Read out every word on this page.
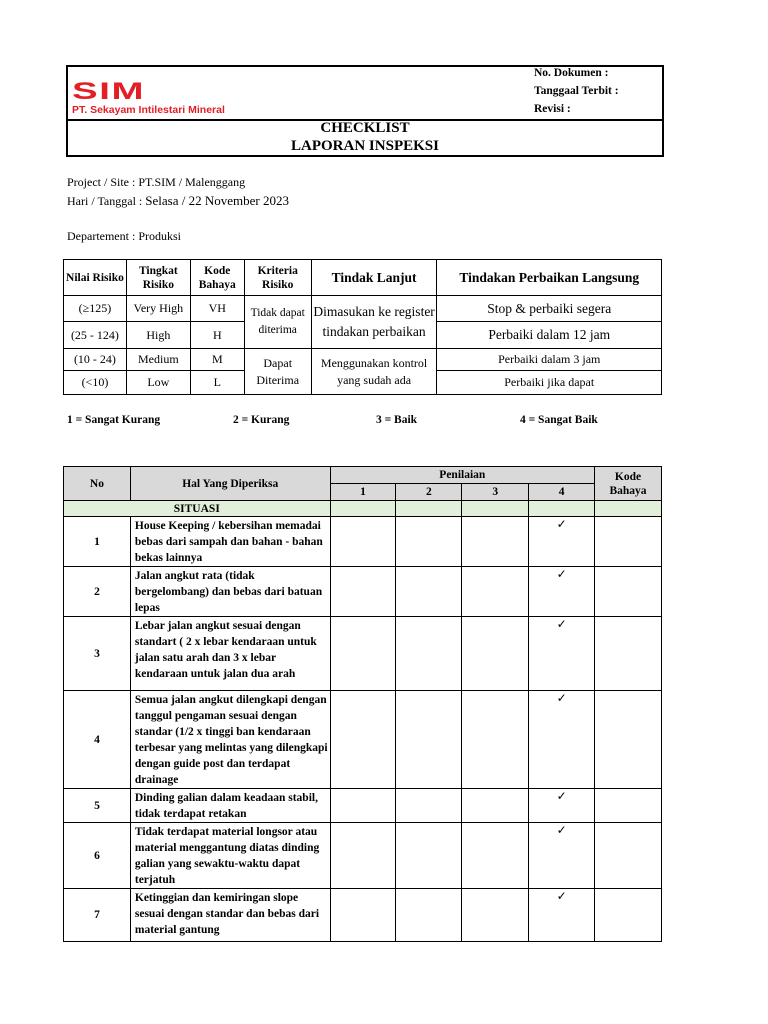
SIM
PT. Sekayam Intilestari Mineral
No. Dokumen :
Tanggaal Terbit :
Revisi :
CHECKLIST
LAPORAN INSPEKSI
Project / Site : PT.SIM / Malenggang
Hari / Tanggal : Selasa / 22 November 2023
Departement : Produksi
Nilai Risiko	Tingkat Risiko	Kode Bahaya	Kriteria Risiko	Tindak Lanjut	Tindakan Perbaikan Langsung
(≥125)	Very High	VH	Tidak dapat diterima	Dimasukan ke register tindakan perbaikan	Stop & perbaiki segera
(25 - 124)	High	H			Perbaiki dalam 12 jam
(10 - 24)	Medium	M	Dapat Diterima	Menggunakan kontrol yang sudah ada	Perbaiki dalam 3 jam
(<10)	Low	L			Perbaiki jika dapat
1 = Sangat Kurang	2 = Kurang	3 = Baik	4 = Sangat Baik
No	Hal Yang Diperiksa	Penilaian				Kode Bahaya
		1	2	3	4	
SITUASI						
1	House Keeping / kebersihan memadai bebas dari sampah dan bahan - bahan bekas lainnya				✓	
2	Jalan angkut rata (tidak bergelombang) dan bebas dari batuan lepas				✓	
3	Lebar jalan angkut sesuai dengan standart ( 2 x lebar kendaraan untuk jalan satu arah dan 3 x lebar kendaraan untuk jalan dua arah				✓	
4	Semua jalan angkut dilengkapi dengan tanggul pengaman sesuai dengan standar (1/2 x tinggi ban kendaraan terbesar yang melintas yang dilengkapi dengan guide post dan terdapat drainage				✓	
5	Dinding galian dalam keadaan stabil, tidak terdapat retakan				✓	
6	Tidak terdapat material longsor atau material menggantung diatas dinding galian yang sewaktu-waktu dapat terjatuh				✓	
7	Ketinggian dan kemiringan slope sesuai dengan standar dan bebas dari material gantung				✓	
